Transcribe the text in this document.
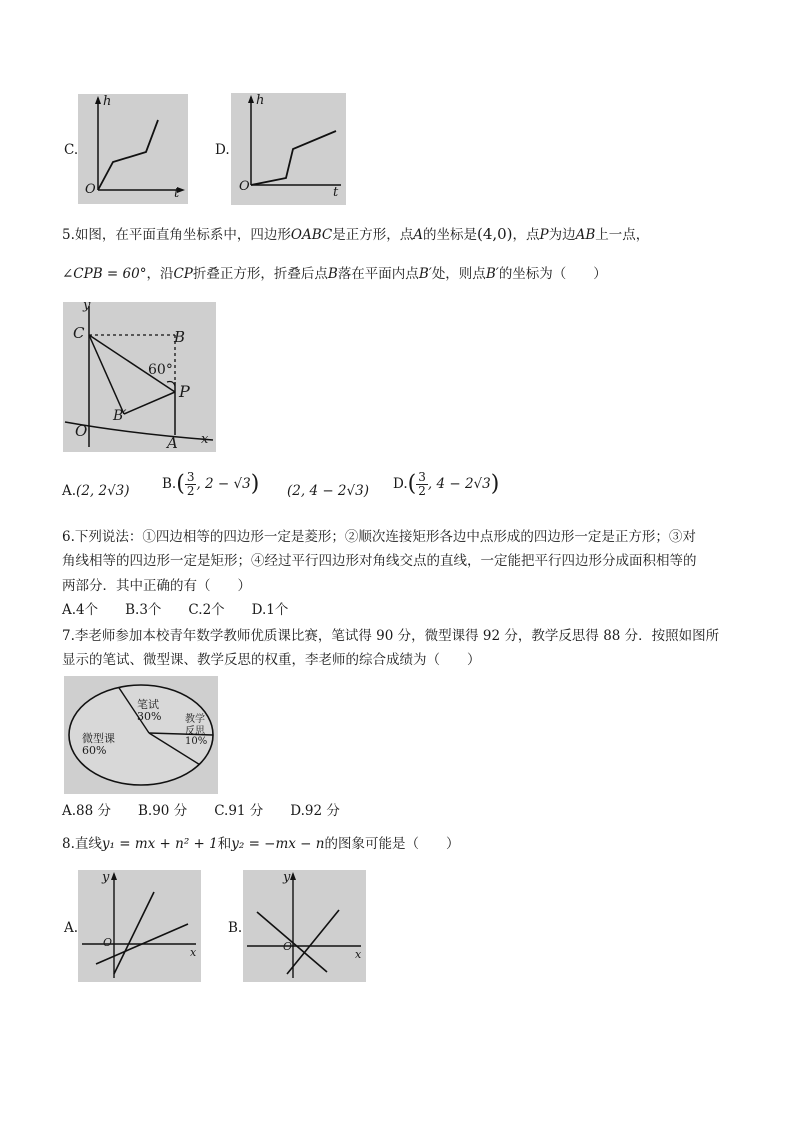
C.
h
O	t
D.
h
O	t
5.如图，在平面直角坐标系中，四边形OABC是正方形，点A的坐标是(4,0)，点P为边AB上一点，
∠CPB = 60°，沿CP折叠正方形，折叠后点B落在平面内点B′处，则点B′的坐标为（　　）
y
C	B
60°
P
B′
O
A x
A.(2, 2√3) $B.( \frac{3}{2}$ , 2 − √3) (2, 4 − 2√3) $D.( \frac{3}{2}$ , 4 − 2√3)
6.下列说法：①四边相等的四边形一定是菱形；②顺次连接矩形各边中点形成的四边形一定是正方形；③对
角线相等的四边形一定是矩形；④经过平行四边形对角线交点的直线，一定能把平行四边形分成面积相等的
两部分．其中正确的有（　　）
A.4个　　B.3个　　C.2个　　D.1个
7.李老师参加本校青年数学教师优质课比赛，笔试得 90 分，微型课得 92 分，教学反思得 88 分．按照如图所
显示的笔试、微型课、教学反思的权重，李老师的综合成绩为（　　）
笔试
30%
微型课
60%
教学
反思
10%
A.88 分　　B.90 分　　C.91 分　　D.92 分
8.直线y₁ = mx + n² + 1和y₂ = −mx − n的图象可能是（　　）
A.
y
O
x
B.
y
O
x
